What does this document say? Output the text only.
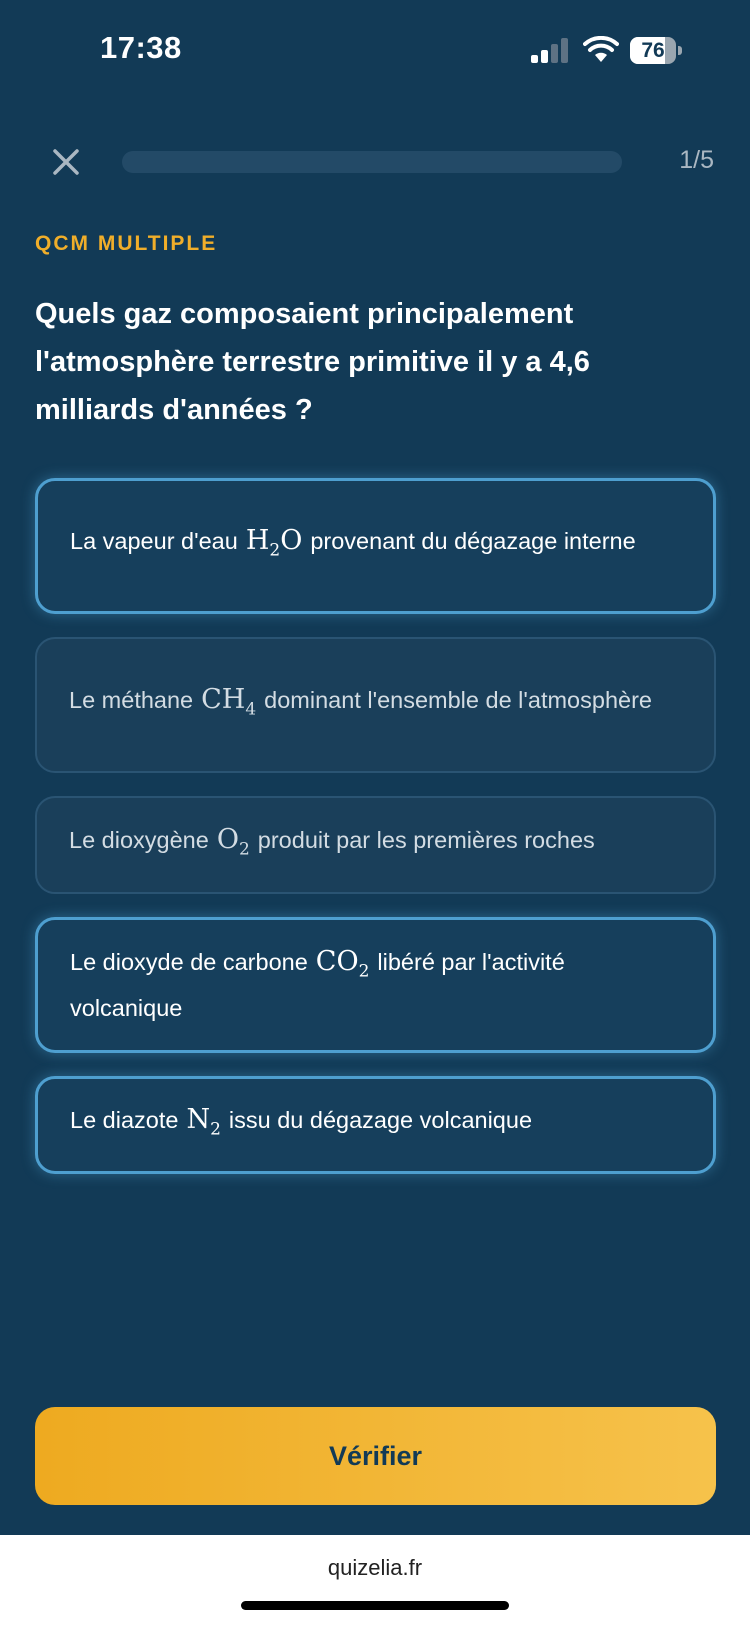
17:38	76
1/5
QCM MULTIPLE
Quels gaz composaient principalement l'atmosphère terrestre primitive il y a 4,6 milliards d'années ?
La vapeur d'eau $H_2O$ provenant du dégazage interne
Le méthane $CH_4$ dominant l'ensemble de l'atmosphère
Le dioxygène $O_2$ produit par les premières roches
Le dioxyde de carbone $CO_2$ libéré par l'activité volcanique
Le diazote $N_2$ issu du dégazage volcanique
Vérifier
quizelia.fr
